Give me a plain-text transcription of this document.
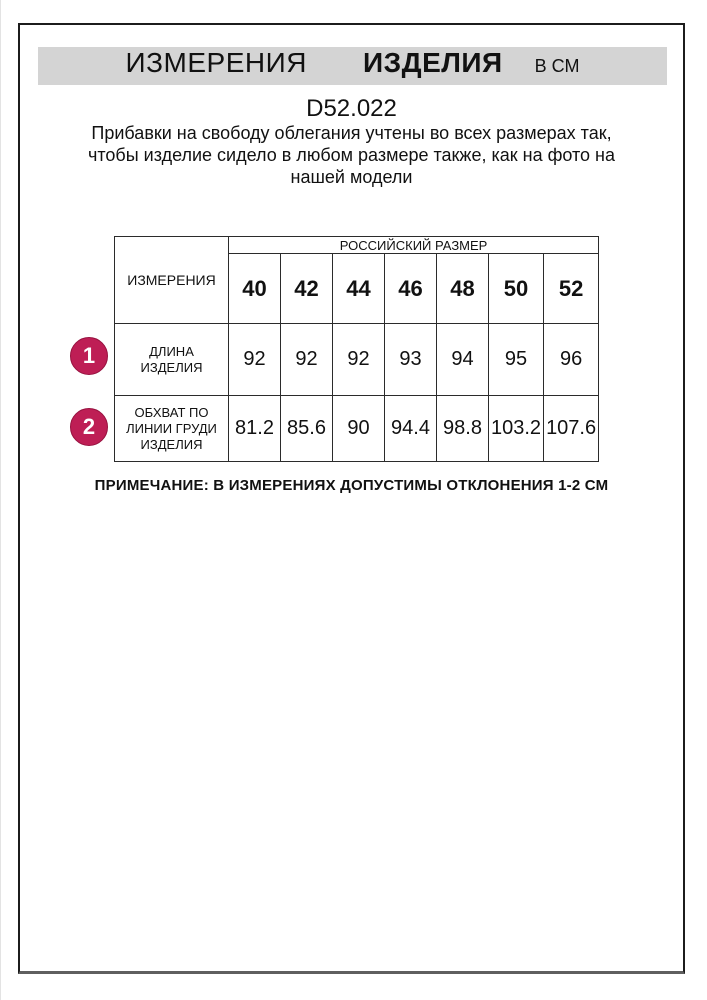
ИЗМЕРЕНИЯ ИЗДЕЛИЯ В СМ
D52.022
Прибавки на свободу облегания учтены во всех размерах так,
чтобы изделие сидело в любом размере также, как на фото на
нашей модели
ИЗМЕРЕНИЯ	РОССИЙСКИЙ РАЗМЕР						
	40	42	44	46	48	50	52
ДЛИНА ИЗДЕЛИЯ	92	92	92	93	94	95	96
ОБХВАТ ПО ЛИНИИ ГРУДИ ИЗДЕЛИЯ	81.2	85.6	90	94.4	98.8	103.2	107.6
1
2
ПРИМЕЧАНИЕ: В ИЗМЕРЕНИЯХ ДОПУСТИМЫ ОТКЛОНЕНИЯ 1-2 СМ
